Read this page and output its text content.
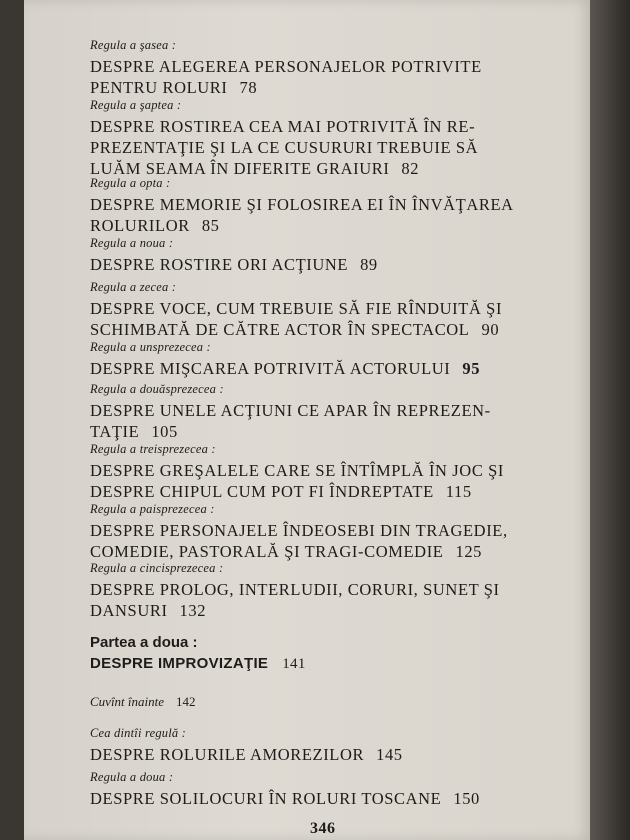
Regula a şasea :
DESPRE ALEGEREA PERSONAJELOR POTRIVITE
PENTRU ROLURI 78
Regula a şaptea :
DESPRE ROSTIREA CEA MAI POTRIVITĂ ÎN RE-
PREZENTAŢIE ŞI LA CE CUSURURI TREBUIE SĂ
LUĂM SEAMA ÎN DIFERITE GRAIURI 82
Regula a opta :
DESPRE MEMORIE ŞI FOLOSIREA EI ÎN ÎNVĂŢAREA
ROLURILOR 85
Regula a noua :
DESPRE ROSTIRE ORI ACŢIUNE 89
Regula a zecea :
DESPRE VOCE, CUM TREBUIE SĂ FIE RÎNDUITĂ ŞI
SCHIMBATĂ DE CĂTRE ACTOR ÎN SPECTACOL 90
Regula a unsprezecea :
DESPRE MIŞCAREA POTRIVITĂ ACTORULUI 95
Regula a douăsprezecea :
DESPRE UNELE ACŢIUNI CE APAR ÎN REPREZEN-
TAŢIE 105
Regula a treisprezecea :
DESPRE GREŞALELE CARE SE ÎNTÎMPLĂ ÎN JOC ŞI
DESPRE CHIPUL CUM POT FI ÎNDREPTATE 115
Regula a paisprezecea :
DESPRE PERSONAJELE ÎNDEOSEBI DIN TRAGEDIE,
COMEDIE, PASTORALĂ ŞI TRAGI-COMEDIE 125
Regula a cincisprezecea :
DESPRE PROLOG, INTERLUDII, CORURI, SUNET ŞI
DANSURI 132
Partea a doua :
DESPRE IMPROVIZAŢIE 141
Cuvînt înainte 142
Cea dintîi regulă :
DESPRE ROLURILE AMOREZILOR 145
Regula a doua :
DESPRE SOLILOCURI ÎN ROLURI TOSCANE 150
346
